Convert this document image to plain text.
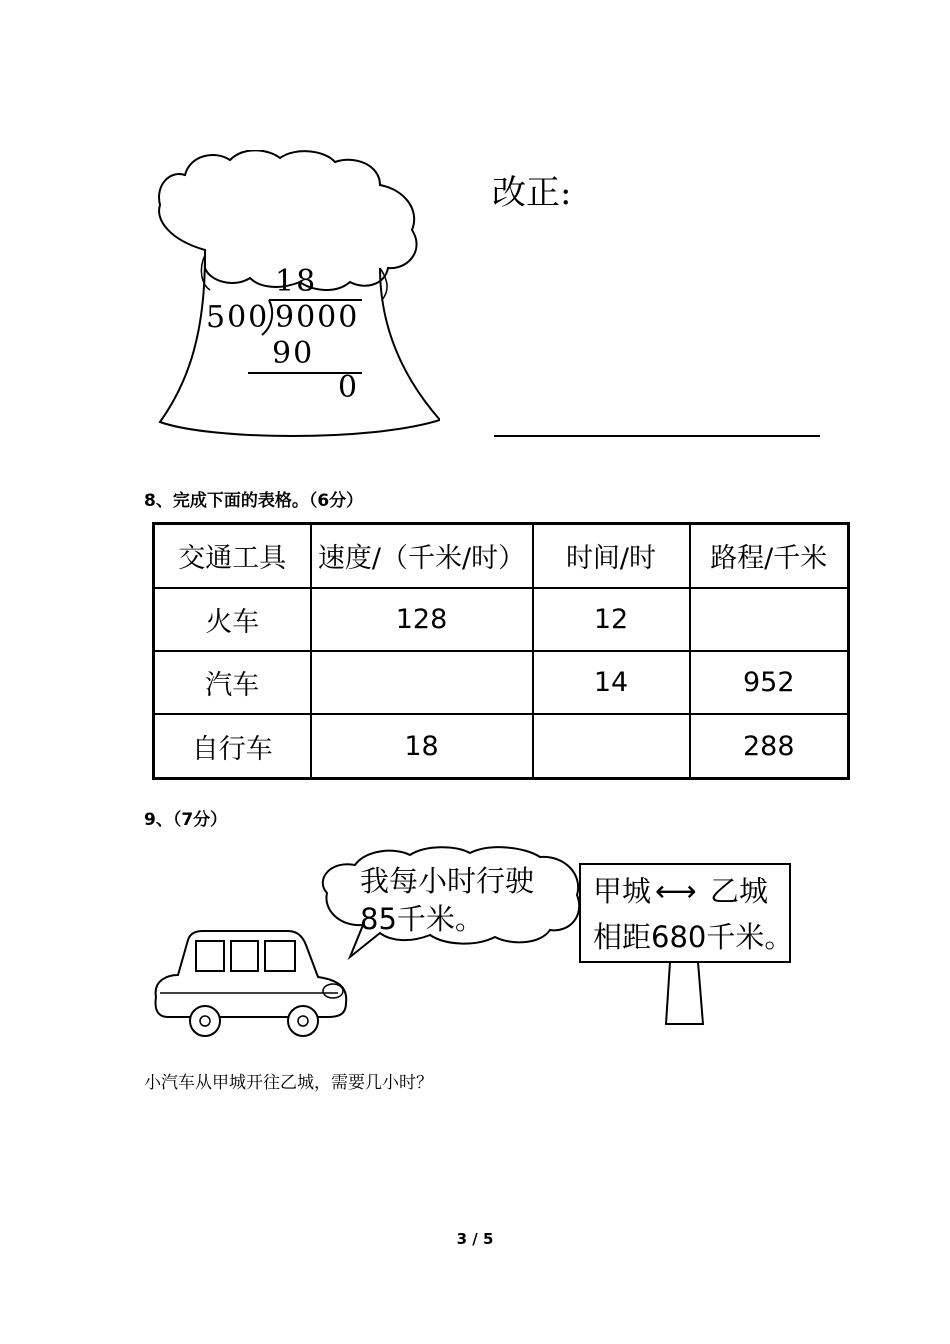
18
500 9000
90
0
改正:
8、完成下面的表格。（6分）
交通工具	速度/（千米/时）	时间/时	路程/千米
火车	128	12	
汽车		14	952
自行车	18		288
9、（7分）
我每小时行驶
85千米。
甲城 ⟷ 乙城
相距680千米。
小汽车从甲城开往乙城，需要几小时？
3 / 5
